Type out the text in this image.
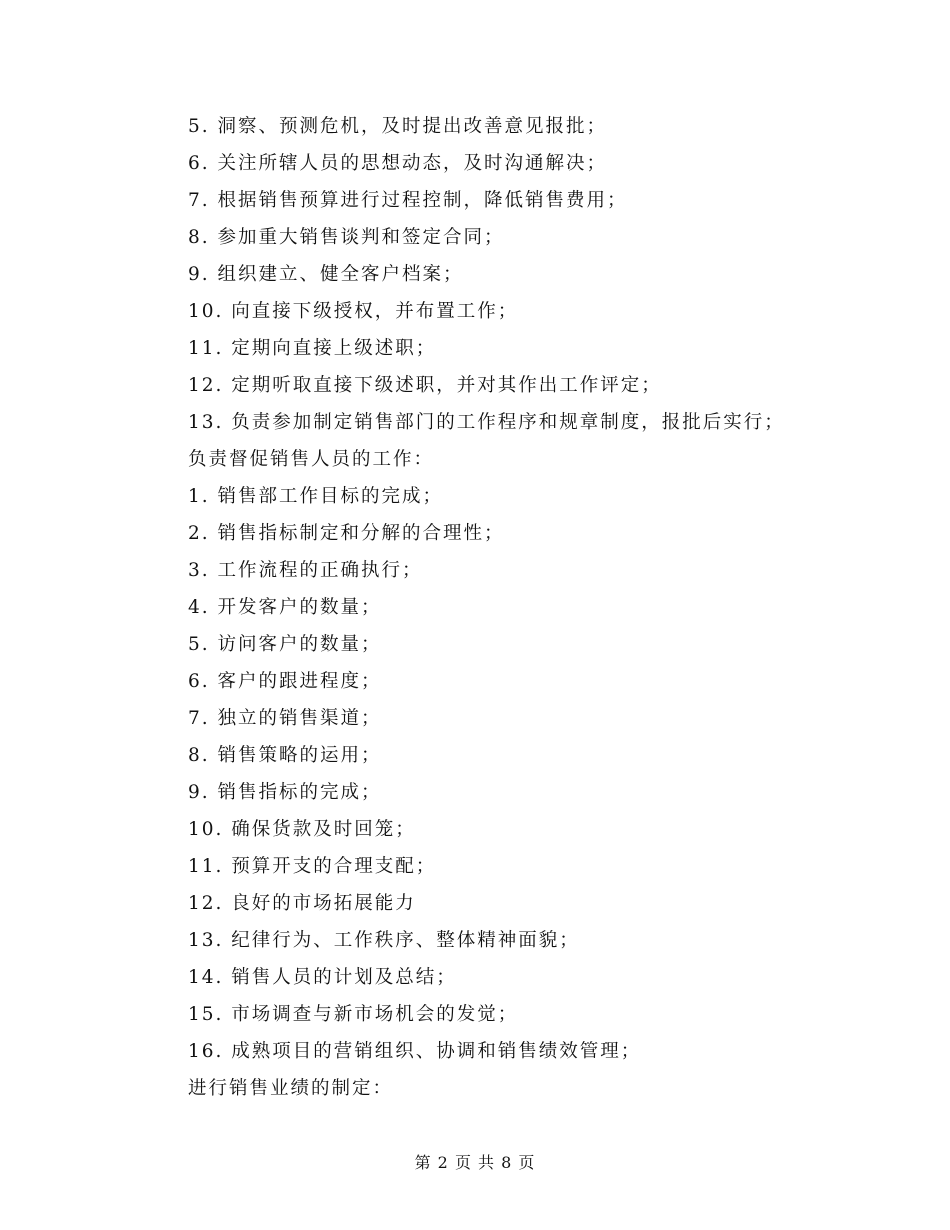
5. 洞察、预测危机，及时提出改善意见报批；
6. 关注所辖人员的思想动态，及时沟通解决；
7. 根据销售预算进行过程控制，降低销售费用；
8. 参加重大销售谈判和签定合同；
9. 组织建立、健全客户档案；
10. 向直接下级授权，并布置工作；
11. 定期向直接上级述职；
12. 定期听取直接下级述职，并对其作出工作评定；
13. 负责参加制定销售部门的工作程序和规章制度，报批后实行；
负责督促销售人员的工作：
1. 销售部工作目标的完成；
2. 销售指标制定和分解的合理性；
3. 工作流程的正确执行；
4. 开发客户的数量；
5. 访问客户的数量；
6. 客户的跟进程度；
7. 独立的销售渠道；
8. 销售策略的运用；
9. 销售指标的完成；
10. 确保货款及时回笼；
11. 预算开支的合理支配；
12. 良好的市场拓展能力
13. 纪律行为、工作秩序、整体精神面貌；
14. 销售人员的计划及总结；
15. 市场调查与新市场机会的发觉；
16. 成熟项目的营销组织、协调和销售绩效管理；
进行销售业绩的制定：
第 2 页 共 8 页
